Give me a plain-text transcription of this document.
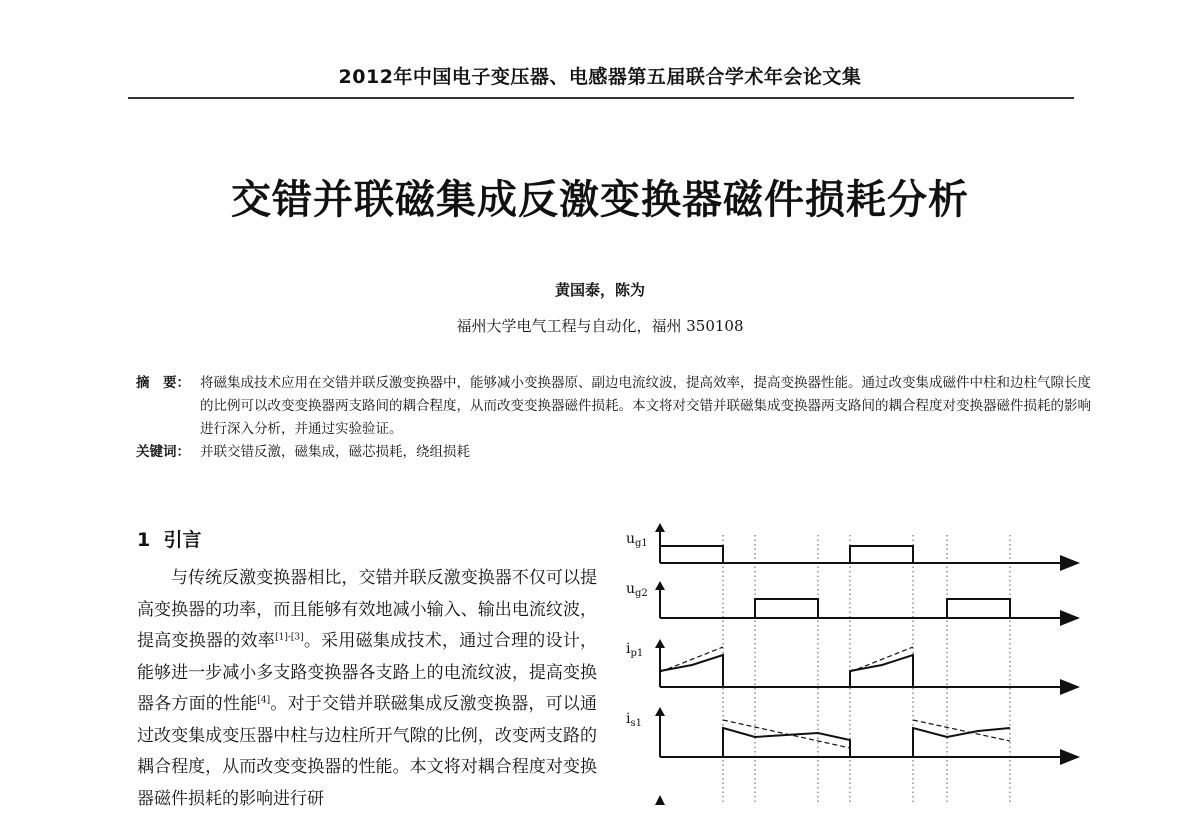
2012年中国电子变压器、电感器第五届联合学术年会论文集
交错并联磁集成反激变换器磁件损耗分析
黄国泰，陈为
福州大学电气工程与自动化，福州 350108
摘　要： 将磁集成技术应用在交错并联反激变换器中，能够减小变换器原、副边电流纹波，提高效率，提高变换器性能。通过改变集成磁件中柱和边柱气隙长度的比例可以改变变换器两支路间的耦合程度，从而改变变换器磁件损耗。本文将对交错并联磁集成变换器两支路间的耦合程度对变换器磁件损耗的影响进行深入分析，并通过实验验证。
关键词： 并联交错反激，磁集成，磁芯损耗，绕组损耗
1 引言

与传统反激变换器相比，交错并联反激变换器不仅可以提高变换器的功率，而且能够有效地减小输入、输出电流纹波，提高变换器的效率[1]-[3]。采用磁集成技术，通过合理的设计，能够进一步减小多支路变换器各支路上的电流纹波，提高变换器各方面的性能[4]。对于交错并联磁集成反激变换器，可以通过改变集成变压器中柱与边柱所开气隙的比例，改变两支路的耦合程度，从而改变变换器的性能。本文将对耦合程度对变换器磁件损耗的影响进行研

$u_{g1}$
$u_{g2}$
$i_{p1}$
$i_{s1}$
